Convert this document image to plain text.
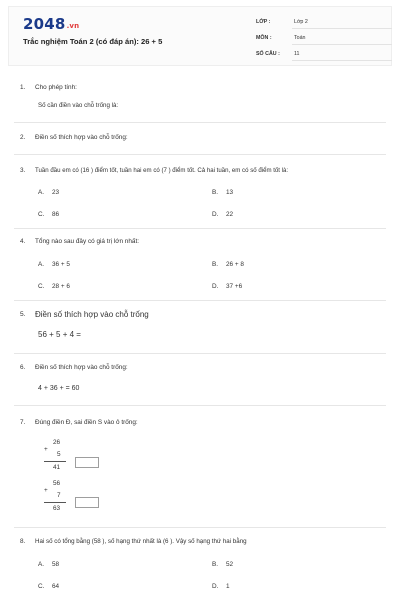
2048.vn
Trắc nghiệm Toán 2 (có đáp án): 26 + 5
LỚP :	Lớp 2
MÔN :	Toán
SỐ CÂU :	11
1. Cho phép tính:
Số cần điền vào chỗ trống là:
2. Điền số thích hợp vào chỗ trống:
3. Tuần đầu em có (16 ) điểm tốt, tuần hai em có (7 ) điểm tốt. Cả hai tuần, em có số điểm tốt là:
A. 23	B. 13
C. 86	D. 22
4. Tổng nào sau đây có giá trị lớn nhất:
A. 36 + 5	B. 26 + 8
C. 28 + 6	D. 37 +6
5. Điền số thích hợp vào chỗ trống
56 + 5 + 4 =
6. Điền số thích hợp vào chỗ trống:
4 + 36 + = 60
7. Đúng điền Đ, sai điền S vào ô trống:
+
26
5
41
+
56
7
63
8. Hai số có tổng bằng (58 ), số hạng thứ nhất là (6 ). Vậy số hạng thứ hai bằng
A. 58	B. 52
C. 64	D. 1
